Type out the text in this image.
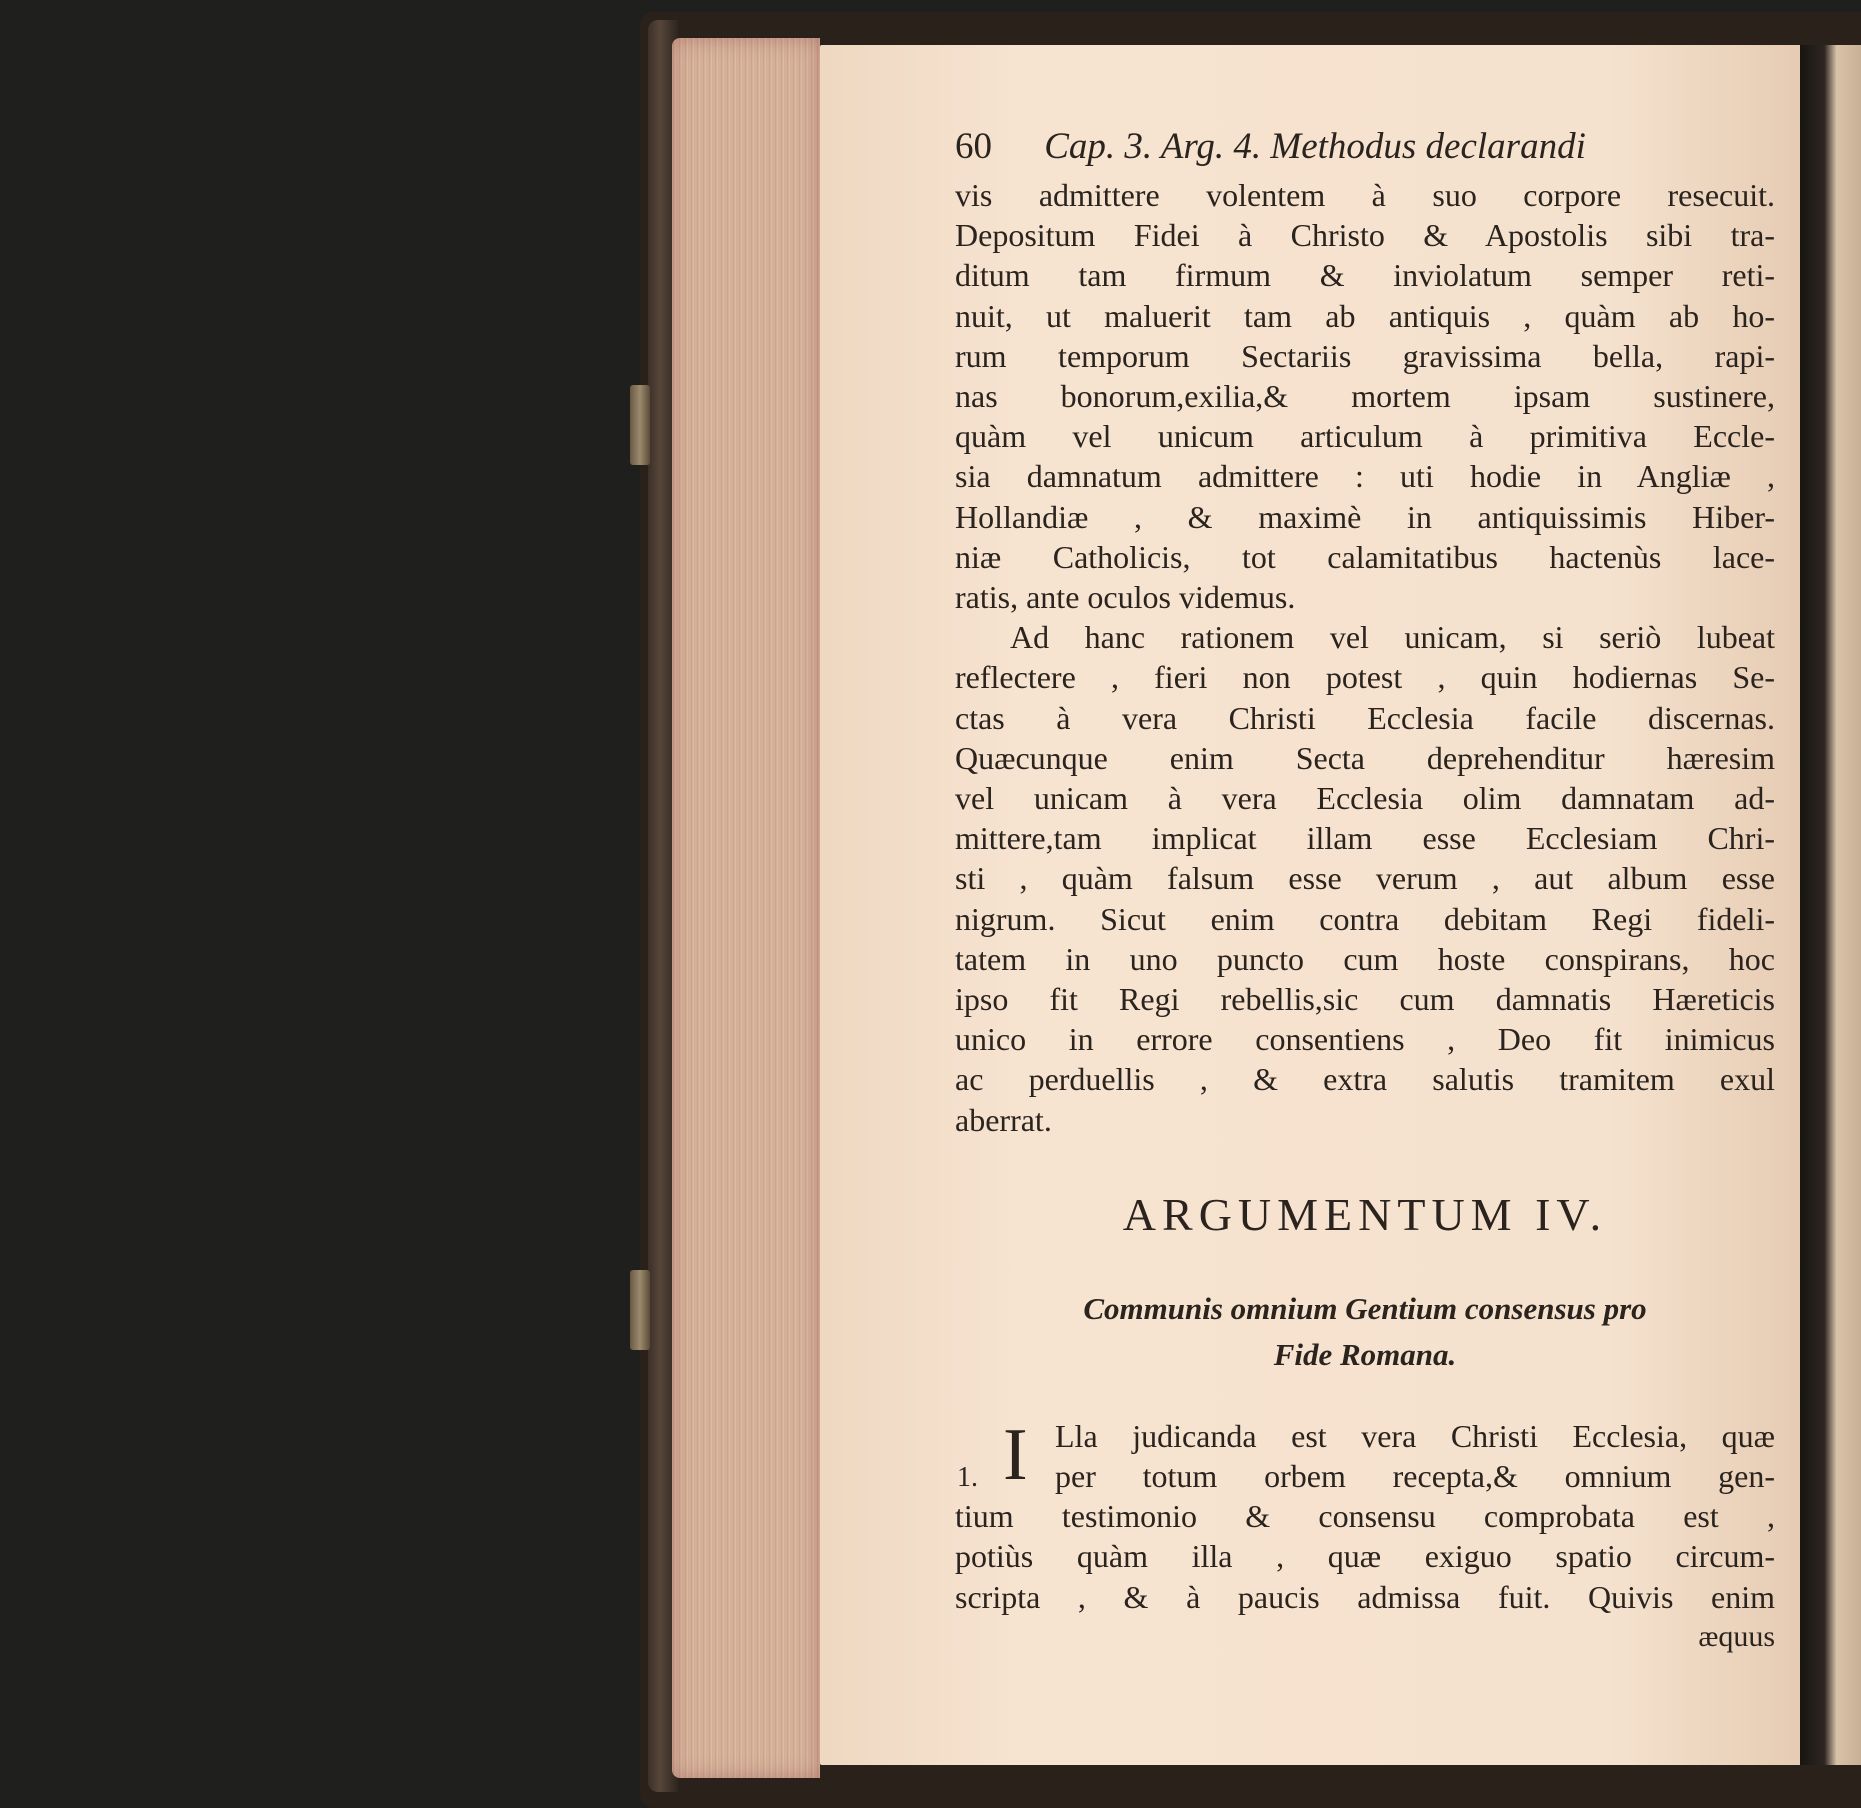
60 Cap. 3. Arg. 4. Methodus declarandi
vis admittere volentem à suo corpore resecuit.
Depositum Fidei à Christo & Apostolis sibi tra-
ditum tam firmum & inviolatum semper reti-
nuit, ut maluerit tam ab antiquis , quàm ab ho-
rum temporum Sectariis gravissima bella, rapi-
nas bonorum,exilia,& mortem ipsam sustinere,
quàm vel unicum articulum à primitiva Eccle-
sia damnatum admittere : uti hodie in Angliæ ,
Hollandiæ , & maximè in antiquissimis Hiber-
niæ Catholicis, tot calamitatibus hactenùs lace-
ratis, ante oculos videmus.
Ad hanc rationem vel unicam, si seriò lubeat
reflectere , fieri non potest , quin hodiernas Se-
ctas à vera Christi Ecclesia facile discernas.
Quæcunque enim Secta deprehenditur hæresim
vel unicam à vera Ecclesia olim damnatam ad-
mittere,tam implicat illam esse Ecclesiam Chri-
sti , quàm falsum esse verum , aut album esse
nigrum. Sicut enim contra debitam Regi fideli-
tatem in uno puncto cum hoste conspirans, hoc
ipso fit Regi rebellis,sic cum damnatis Hæreticis
unico in errore consentiens , Deo fit inimicus
ac perduellis , & extra salutis tramitem exul
aberrat.
ARGUMENTUM IV.
Communis omnium Gentium consensus pro
Fide Romana.
1. I Lla judicanda est vera Christi Ecclesia, quæ
per totum orbem recepta,& omnium gen-
tium testimonio & consensu comprobata est ,
potiùs quàm illa , quæ exiguo spatio circum-
scripta , & à paucis admissa fuit. Quivis enim
æquus
